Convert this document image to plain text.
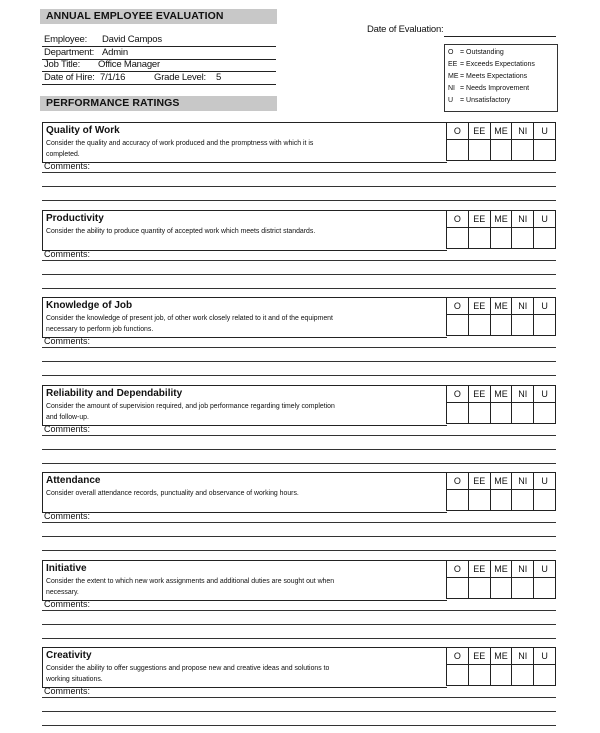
ANNUAL EMPLOYEE EVALUATION
Date of Evaluation:
Employee: David Campos
Department: Admin
Job Title: Office Manager
Date of Hire: 7/1/16	Grade Level: 5
O = Outstanding
EE = Exceeds Expectations
ME = Meets Expectations
NI = Needs Improvement
U = Unsatisfactory
PERFORMANCE RATINGS
Quality of Work
Consider the quality and accuracy of work produced and the promptness with which it is completed.
O	EE	ME	NI	U
Comments:
Productivity
Consider the ability to produce quantity of accepted work which meets district standards.
O	EE	ME	NI	U
Comments:
Knowledge of Job
Consider the knowledge of present job, of other work closely related to it and of the equipment necessary to perform job functions.
O	EE	ME	NI	U
Comments:
Reliability and Dependability
Consider the amount of supervision required, and job performance regarding timely completion and follow-up.
O	EE	ME	NI	U
Comments:
Attendance
Consider overall attendance records, punctuality and observance of working hours.
O	EE	ME	NI	U
Comments:
Initiative
Consider the extent to which new work assignments and additional duties are sought out when necessary.
O	EE	ME	NI	U
Comments:
Creativity
Consider the ability to offer suggestions and propose new and creative ideas and solutions to working situations.
O	EE	ME	NI	U
Comments:
